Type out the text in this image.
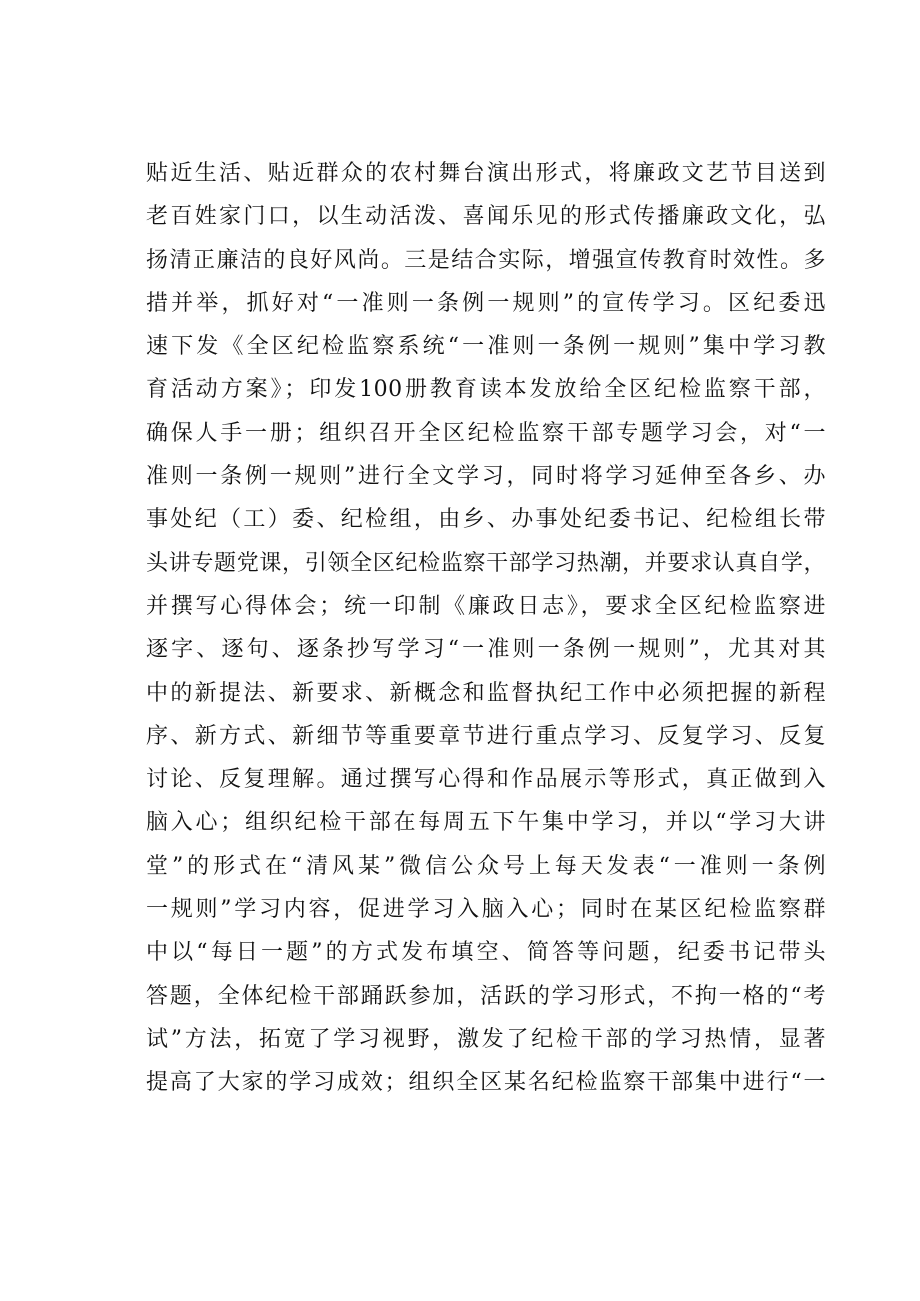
贴近生活、贴近群众的农村舞台演出形式，将廉政文艺节目送到
老百姓家门口，以生动活泼、喜闻乐见的形式传播廉政文化，弘
扬清正廉洁的良好风尚。三是结合实际，增强宣传教育时效性。多
措并举，抓好对“一准则一条例一规则”的宣传学习。区纪委迅
速下发《全区纪检监察系统“一准则一条例一规则”集中学习教
育活动方案》；印发100册教育读本发放给全区纪检监察干部，
确保人手一册；组织召开全区纪检监察干部专题学习会，对“一
准则一条例一规则”进行全文学习，同时将学习延伸至各乡、办
事处纪（工）委、纪检组，由乡、办事处纪委书记、纪检组长带
头讲专题党课，引领全区纪检监察干部学习热潮，并要求认真自学，
并撰写心得体会；统一印制《廉政日志》，要求全区纪检监察进
逐字、逐句、逐条抄写学习“一准则一条例一规则”，尤其对其
中的新提法、新要求、新概念和监督执纪工作中必须把握的新程
序、新方式、新细节等重要章节进行重点学习、反复学习、反复
讨论、反复理解。通过撰写心得和作品展示等形式，真正做到入
脑入心；组织纪检干部在每周五下午集中学习，并以“学习大讲
堂”的形式在“清风某”微信公众号上每天发表“一准则一条例
一规则”学习内容，促进学习入脑入心；同时在某区纪检监察群
中以“每日一题”的方式发布填空、简答等问题，纪委书记带头
答题，全体纪检干部踊跃参加，活跃的学习形式，不拘一格的“考
试”方法，拓宽了学习视野，激发了纪检干部的学习热情，显著
提高了大家的学习成效；组织全区某名纪检监察干部集中进行“一
